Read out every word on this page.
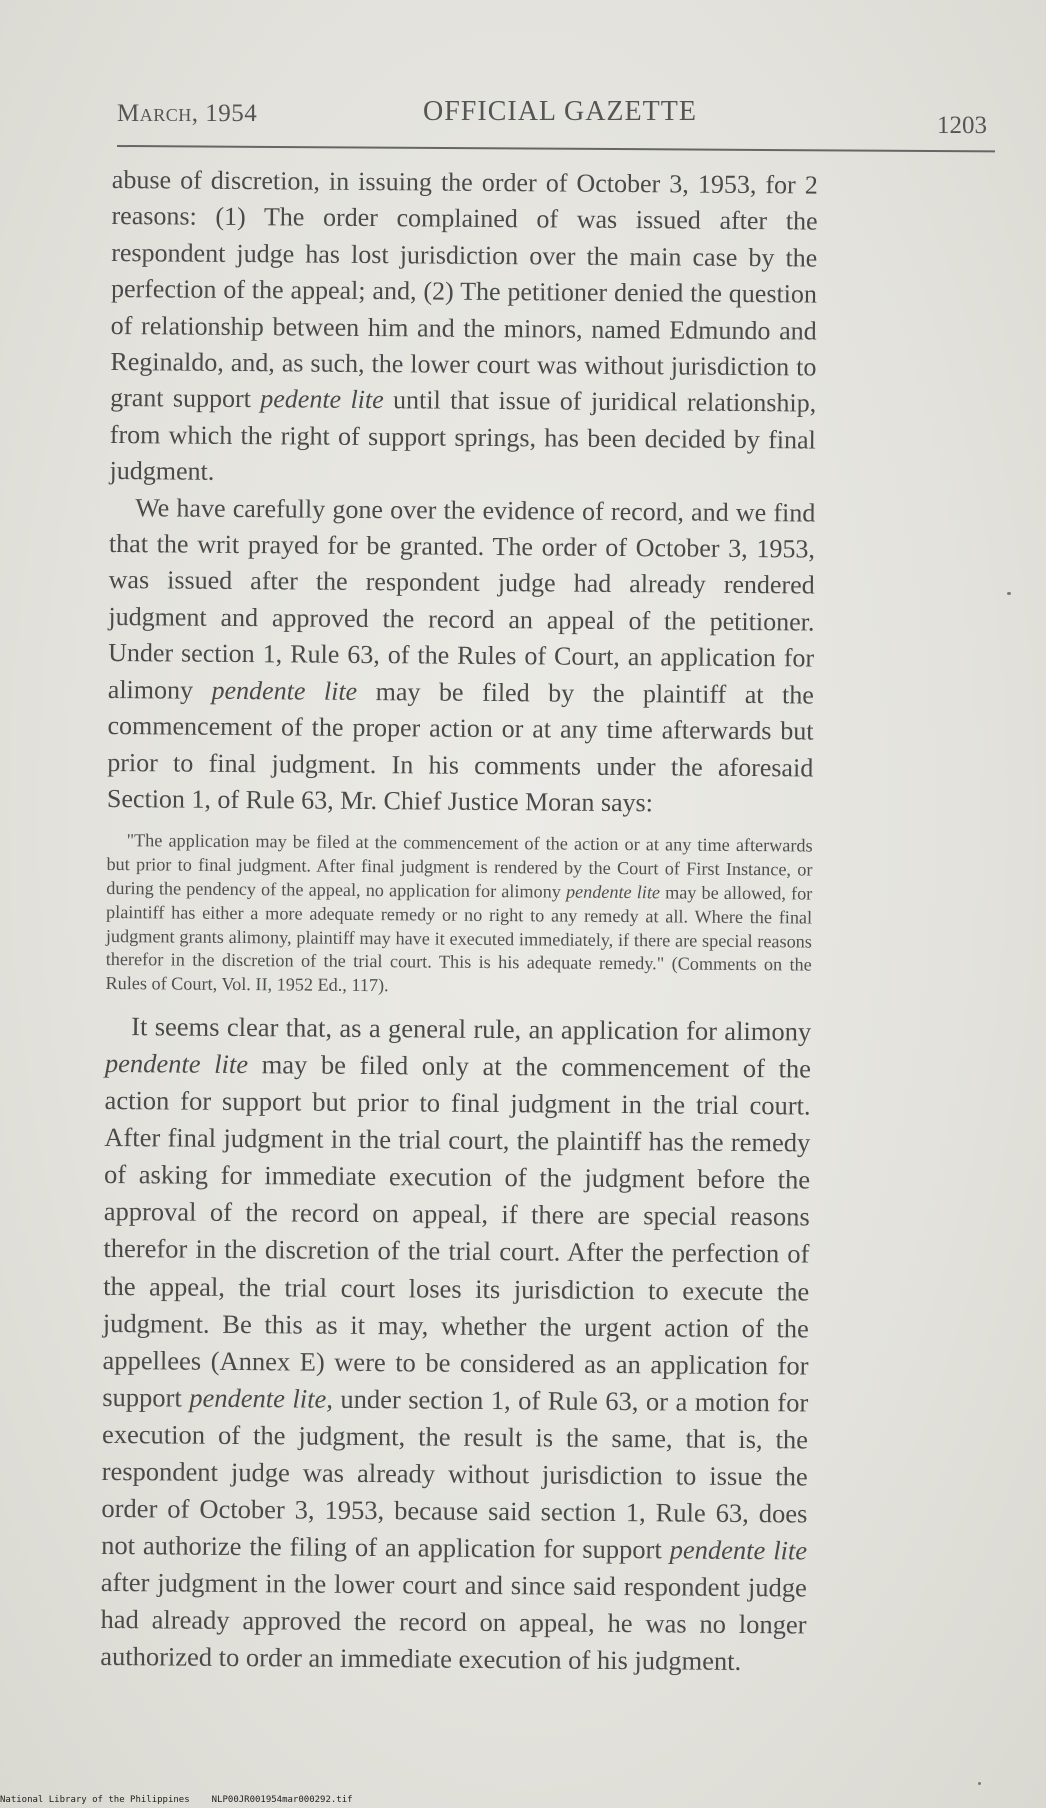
March, 1954	OFFICIAL GAZETTE	1203

abuse of discretion, in issuing the order of October 3, 1953, for 2 reasons: (1) The order complained of was issued after the respondent judge has lost jurisdiction over the main case by the perfection of the appeal; and, (2) The petitioner denied the question of relationship between him and the minors, named Edmundo and Reginaldo, and, as such, the lower court was without jurisdiction to grant support pedente lite until that issue of juridical relationship, from which the right of support springs, has been decided by final judgment.

We have carefully gone over the evidence of record, and we find that the writ prayed for be granted. The order of October 3, 1953, was issued after the respondent judge had already rendered judgment and approved the record an appeal of the petitioner. Under section 1, Rule 63, of the Rules of Court, an application for alimony pendente lite may be filed by the plaintiff at the commencement of the proper action or at any time afterwards but prior to final judgment. In his comments under the aforesaid Section 1, of Rule 63, Mr. Chief Justice Moran says:

"The application may be filed at the commencement of the action or at any time afterwards but prior to final judgment. After final judgment is rendered by the Court of First Instance, or during the pendency of the appeal, no application for alimony pendente lite may be allowed, for plaintiff has either a more adequate remedy or no right to any remedy at all. Where the final judgment grants alimony, plaintiff may have it executed immediately, if there are special reasons therefor in the discretion of the trial court. This is his adequate remedy." (Comments on the Rules of Court, Vol. II, 1952 Ed., 117).

It seems clear that, as a general rule, an application for alimony pendente lite may be filed only at the commencement of the action for support but prior to final judgment in the trial court. After final judgment in the trial court, the plaintiff has the remedy of asking for immediate execution of the judgment before the approval of the record on appeal, if there are special reasons therefor in the discretion of the trial court. After the perfection of the appeal, the trial court loses its jurisdiction to execute the judgment. Be this as it may, whether the urgent action of the appellees (Annex E) were to be considered as an application for support pendente lite, under section 1, of Rule 63, or a motion for execution of the judgment, the result is the same, that is, the respondent judge was already without jurisdiction to issue the order of October 3, 1953, because said section 1, Rule 63, does not authorize the filing of an application for support pendente lite after judgment in the lower court and since said respondent judge had already approved the record on appeal, he was no longer authorized to order an immediate execution of his judgment.

National Library of the Philippines NLP00JR001954mar000292.tif
